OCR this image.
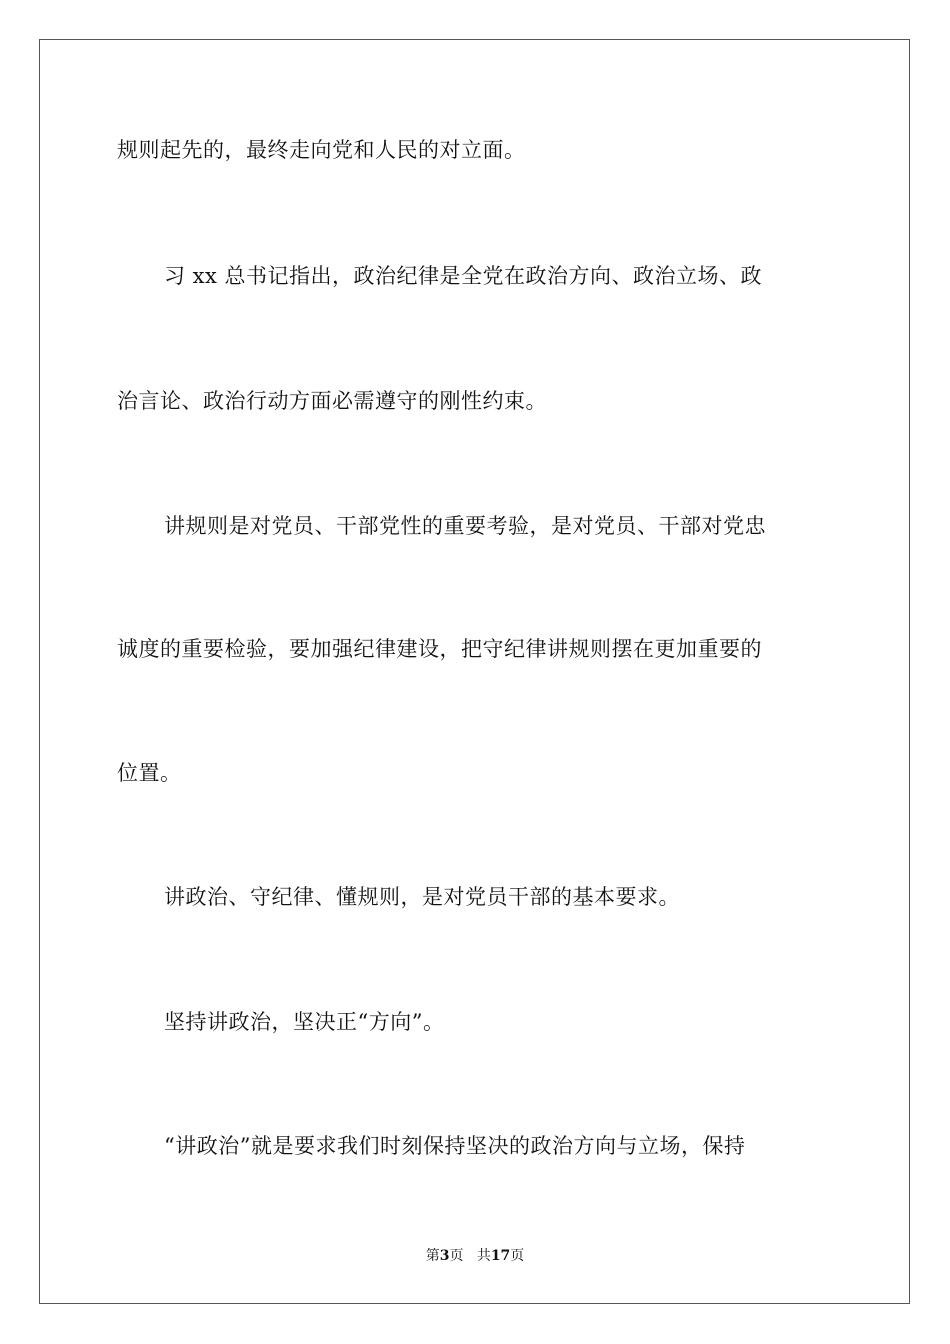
规则起先的，最终走向党和人民的对立面。
习 xx 总书记指出，政治纪律是全党在政治方向、政治立场、政
治言论、政治行动方面必需遵守的刚性约束。
讲规则是对党员、干部党性的重要考验，是对党员、干部对党忠
诚度的重要检验，要加强纪律建设，把守纪律讲规则摆在更加重要的
位置。
讲政治、守纪律、懂规则，是对党员干部的基本要求。
坚持讲政治，坚决正“方向”。
“讲政治”就是要求我们时刻保持坚决的政治方向与立场，保持
第3页 共17页
